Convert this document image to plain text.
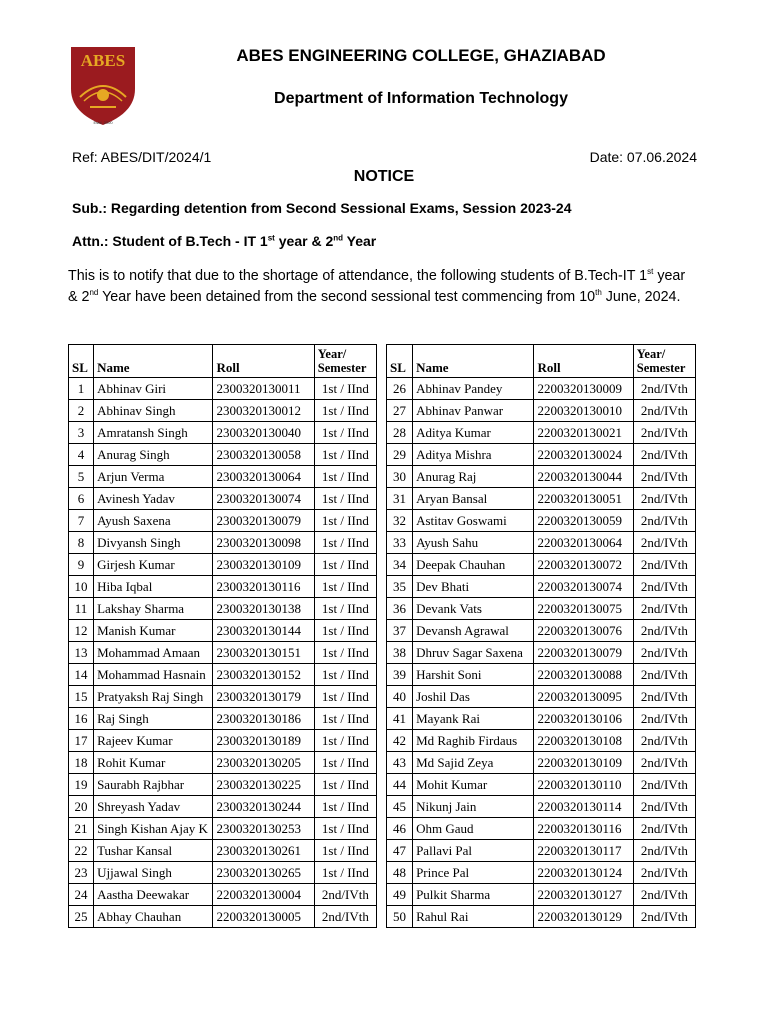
ABES
Estd. 2000
ABES ENGINEERING COLLEGE, GHAZIABAD
Department of Information Technology
Ref: ABES/DIT/2024/1	Date: 07.06.2024
NOTICE
Sub.: Regarding detention from Second Sessional Exams, Session 2023-24
Attn.: Student of B.Tech - IT 1st year & 2nd Year
This is to notify that due to the shortage of attendance, the following students of B.Tech-IT 1st year & 2nd Year have been detained from the second sessional test commencing from 10th June, 2024.
SL	Name	Roll	Year/
Semester
1	Abhinav Giri	2300320130011	1st / IInd
2	Abhinav Singh	2300320130012	1st / IInd
3	Amratansh Singh	2300320130040	1st / IInd
4	Anurag Singh	2300320130058	1st / IInd
5	Arjun Verma	2300320130064	1st / IInd
6	Avinesh Yadav	2300320130074	1st / IInd
7	Ayush Saxena	2300320130079	1st / IInd
8	Divyansh Singh	2300320130098	1st / IInd
9	Girjesh Kumar	2300320130109	1st / IInd
10	Hiba Iqbal	2300320130116	1st / IInd
11	Lakshay Sharma	2300320130138	1st / IInd
12	Manish Kumar	2300320130144	1st / IInd
13	Mohammad Amaan	2300320130151	1st / IInd
14	Mohammad Hasnain	2300320130152	1st / IInd
15	Pratyaksh Raj Singh	2300320130179	1st / IInd
16	Raj Singh	2300320130186	1st / IInd
17	Rajeev Kumar	2300320130189	1st / IInd
18	Rohit Kumar	2300320130205	1st / IInd
19	Saurabh Rajbhar	2300320130225	1st / IInd
20	Shreyash Yadav	2300320130244	1st / IInd
21	Singh Kishan Ajay K	2300320130253	1st / IInd
22	Tushar Kansal	2300320130261	1st / IInd
23	Ujjawal Singh	2300320130265	1st / IInd
24	Aastha Deewakar	2200320130004	2nd/IVth
25	Abhay Chauhan	2200320130005	2nd/IVth
SL	Name	Roll	Year/
Semester
26	Abhinav Pandey	2200320130009	2nd/IVth
27	Abhinav Panwar	2200320130010	2nd/IVth
28	Aditya Kumar	2200320130021	2nd/IVth
29	Aditya Mishra	2200320130024	2nd/IVth
30	Anurag Raj	2200320130044	2nd/IVth
31	Aryan Bansal	2200320130051	2nd/IVth
32	Astitav Goswami	2200320130059	2nd/IVth
33	Ayush Sahu	2200320130064	2nd/IVth
34	Deepak Chauhan	2200320130072	2nd/IVth
35	Dev Bhati	2200320130074	2nd/IVth
36	Devank Vats	2200320130075	2nd/IVth
37	Devansh Agrawal	2200320130076	2nd/IVth
38	Dhruv Sagar Saxena	2200320130079	2nd/IVth
39	Harshit Soni	2200320130088	2nd/IVth
40	Joshil Das	2200320130095	2nd/IVth
41	Mayank Rai	2200320130106	2nd/IVth
42	Md Raghib Firdaus	2200320130108	2nd/IVth
43	Md Sajid Zeya	2200320130109	2nd/IVth
44	Mohit Kumar	2200320130110	2nd/IVth
45	Nikunj Jain	2200320130114	2nd/IVth
46	Ohm Gaud	2200320130116	2nd/IVth
47	Pallavi Pal	2200320130117	2nd/IVth
48	Prince Pal	2200320130124	2nd/IVth
49	Pulkit Sharma	2200320130127	2nd/IVth
50	Rahul Rai	2200320130129	2nd/IVth
